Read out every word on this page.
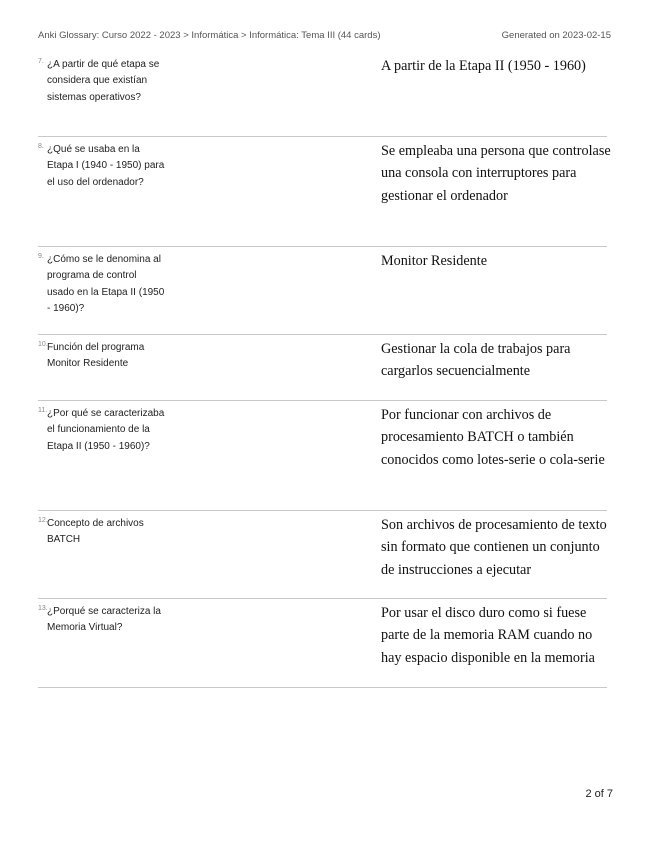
Anki Glossary: Curso 2022 - 2023 > Informática > Informática: Tema III (44 cards)	Generated on 2023-02-15
7. ¿A partir de qué etapa se considera que existían sistemas operativos?
A partir de la Etapa II (1950 - 1960)
8. ¿Qué se usaba en la Etapa I (1940 - 1950) para el uso del ordenador?
Se empleaba una persona que controlase una consola con interruptores para gestionar el ordenador
9. ¿Cómo se le denomina al programa de control usado en la Etapa II (1950 - 1960)?
Monitor Residente
10. Función del programa Monitor Residente
Gestionar la cola de trabajos para cargarlos secuencialmente
11. ¿Por qué se caracterizaba el funcionamiento de la Etapa II (1950 - 1960)?
Por funcionar con archivos de procesamiento BATCH o también conocidos como lotes-serie o cola-serie
12. Concepto de archivos BATCH
Son archivos de procesamiento de texto sin formato que contienen un conjunto de instrucciones a ejecutar
13. ¿Porqué se caracteriza la Memoria Virtual?
Por usar el disco duro como si fuese parte de la memoria RAM cuando no hay espacio disponible en la memoria
2 of 7
